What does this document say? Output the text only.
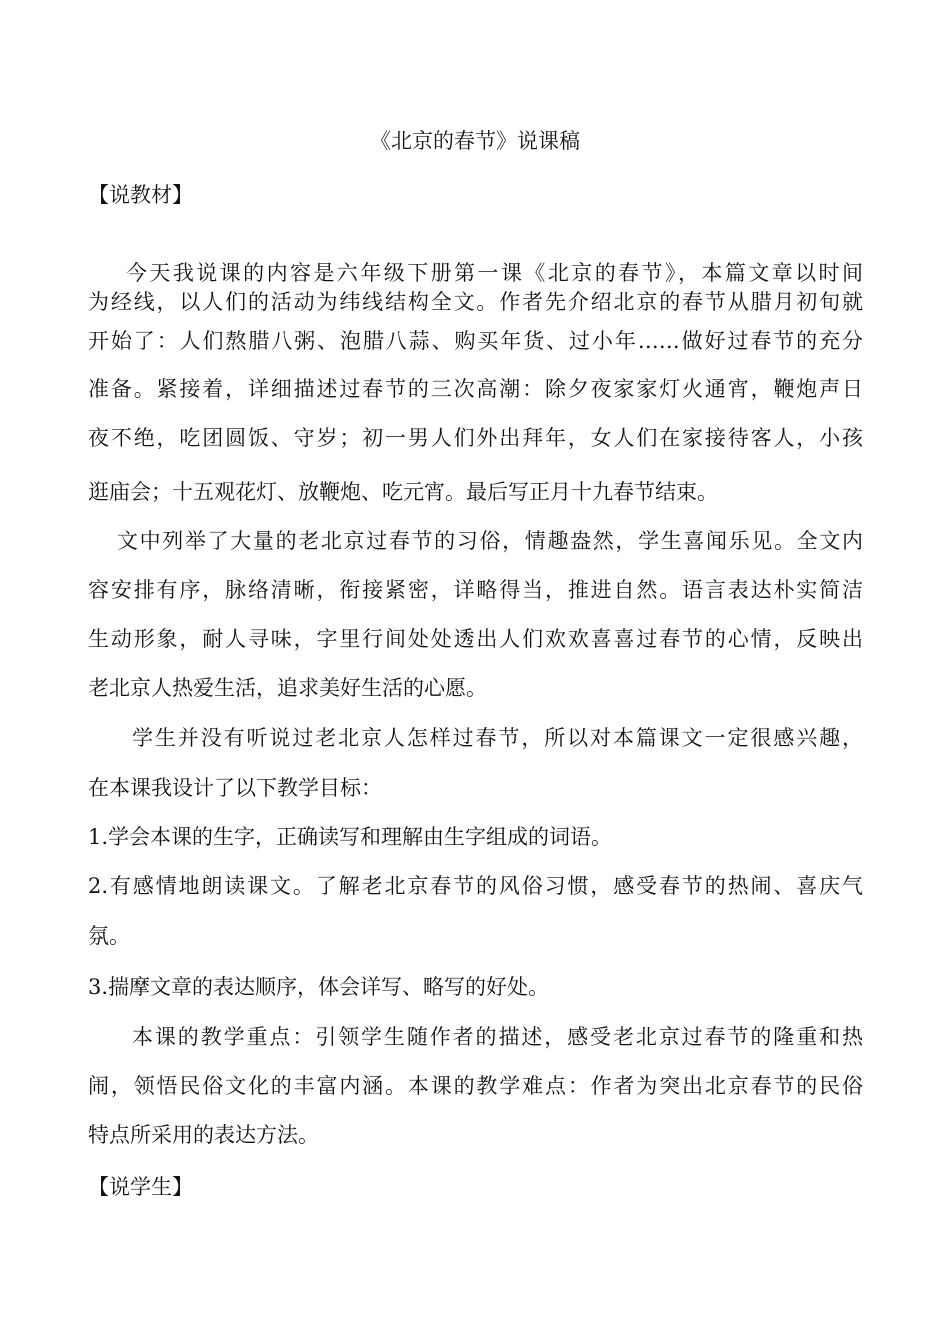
《北京的春节》说课稿
【说教材】
今天我说课的内容是六年级下册第一课《北京的春节》，本篇文章以时间
为经线，以人们的活动为纬线结构全文。作者先介绍北京的春节从腊月初旬就
开始了：人们熬腊八粥、泡腊八蒜、购买年货、过小年……做好过春节的充分
准备。紧接着，详细描述过春节的三次高潮：除夕夜家家灯火通宵，鞭炮声日
夜不绝，吃团圆饭、守岁；初一男人们外出拜年，女人们在家接待客人，小孩
逛庙会；十五观花灯、放鞭炮、吃元宵。最后写正月十九春节结束。
文中列举了大量的老北京过春节的习俗，情趣盎然，学生喜闻乐见。全文内
容安排有序，脉络清晰，衔接紧密，详略得当，推进自然。语言表达朴实简洁
生动形象，耐人寻味，字里行间处处透出人们欢欢喜喜过春节的心情，反映出
老北京人热爱生活，追求美好生活的心愿。
学生并没有听说过老北京人怎样过春节，所以对本篇课文一定很感兴趣，
在本课我设计了以下教学目标：
1.学会本课的生字，正确读写和理解由生字组成的词语。
2.有感情地朗读课文。了解老北京春节的风俗习惯，感受春节的热闹、喜庆气
氛。
3.揣摩文章的表达顺序，体会详写、略写的好处。
本课的教学重点：引领学生随作者的描述，感受老北京过春节的隆重和热
闹，领悟民俗文化的丰富内涵。本课的教学难点：作者为突出北京春节的民俗
特点所采用的表达方法。
【说学生】
